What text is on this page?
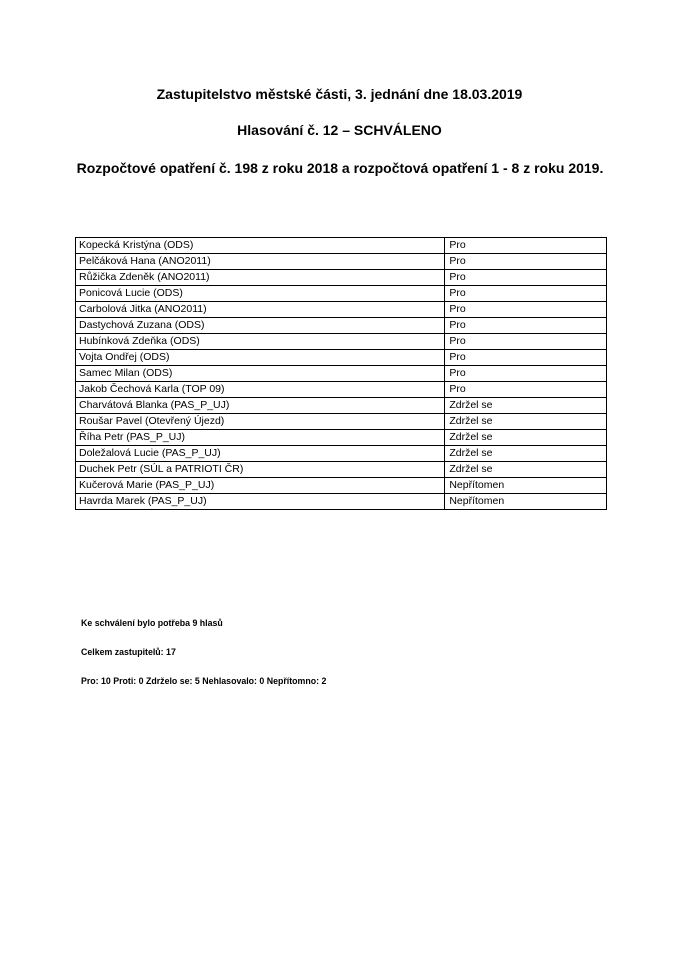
Zastupitelstvo městské části, 3. jednání dne 18.03.2019
Hlasování č. 12 – SCHVÁLENO
Rozpočtové opatření č. 198 z roku 2018 a rozpočtová opatření 1 - 8 z roku 2019.
Kopecká Kristýna (ODS)	Pro
Pelčáková Hana (ANO2011)	Pro
Růžička Zdeněk (ANO2011)	Pro
Ponicová Lucie (ODS)	Pro
Carbolová Jitka (ANO2011)	Pro
Dastychová Zuzana (ODS)	Pro
Hubínková Zdeňka (ODS)	Pro
Vojta Ondřej (ODS)	Pro
Samec Milan (ODS)	Pro
Jakob Čechová Karla (TOP 09)	Pro
Charvátová Blanka (PAS_P_UJ)	Zdržel se
Roušar Pavel (Otevřený Újezd)	Zdržel se
Říha Petr (PAS_P_UJ)	Zdržel se
Doležalová Lucie (PAS_P_UJ)	Zdržel se
Duchek Petr (SÚL a PATRIOTI ČR)	Zdržel se
Kučerová Marie (PAS_P_UJ)	Nepřítomen
Havrda Marek (PAS_P_UJ)	Nepřítomen
Ke schválení bylo potřeba 9 hlasů
Celkem zastupitelů: 17
Pro: 10 Proti: 0 Zdrželo se: 5 Nehlasovalo: 0 Nepřítomno: 2
